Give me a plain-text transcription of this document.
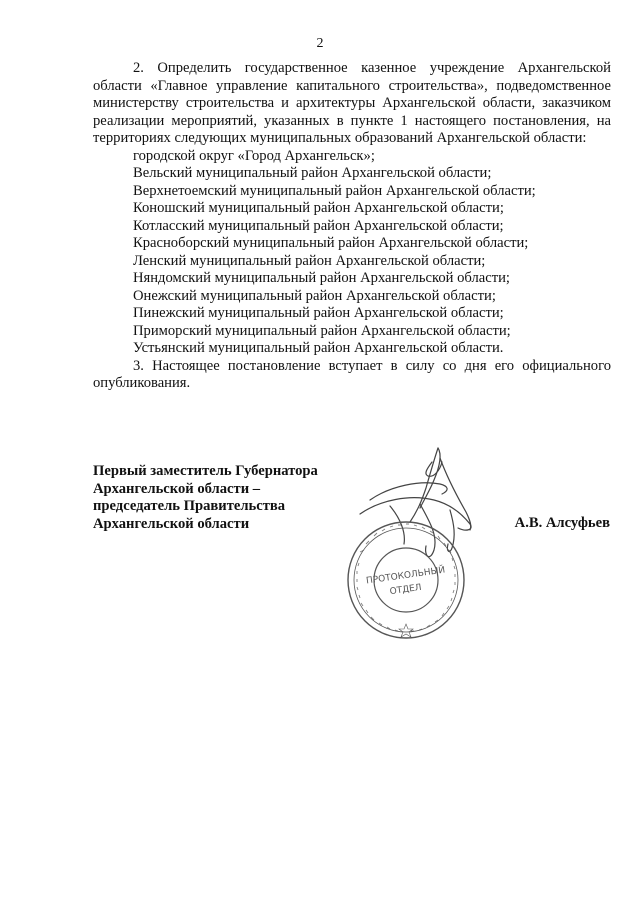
2

2. Определить государственное казенное учреждение Архангельской области «Главное управление капитального строительства», подведомственное министерству строительства и архитектуры Архангельской области, заказчиком реализации мероприятий, указанных в пункте 1 настоящего постановления, на территориях следующих муниципальных образований Архангельской области:

городской округ «Город Архангельск»;
Вельский муниципальный район Архангельской области;
Верхнетоемский муниципальный район Архангельской области;
Коношский муниципальный район Архангельской области;
Котласский муниципальный район Архангельской области;
Красноборский муниципальный район Архангельской области;
Ленский муниципальный район Архангельской области;
Няндомский муниципальный район Архангельской области;
Онежский муниципальный район Архангельской области;
Пинежский муниципальный район Архангельской области;
Приморский муниципальный район Архангельской области;
Устьянский муниципальный район Архангельской области.

3. Настоящее постановление вступает в силу со дня его официального опубликования.

Первый заместитель Губернатора
Архангельской области –
председатель Правительства
Архангельской области	А.В. Алсуфьев
ПРОТОКОЛЬНЫЙ
ОТДЕЛ
